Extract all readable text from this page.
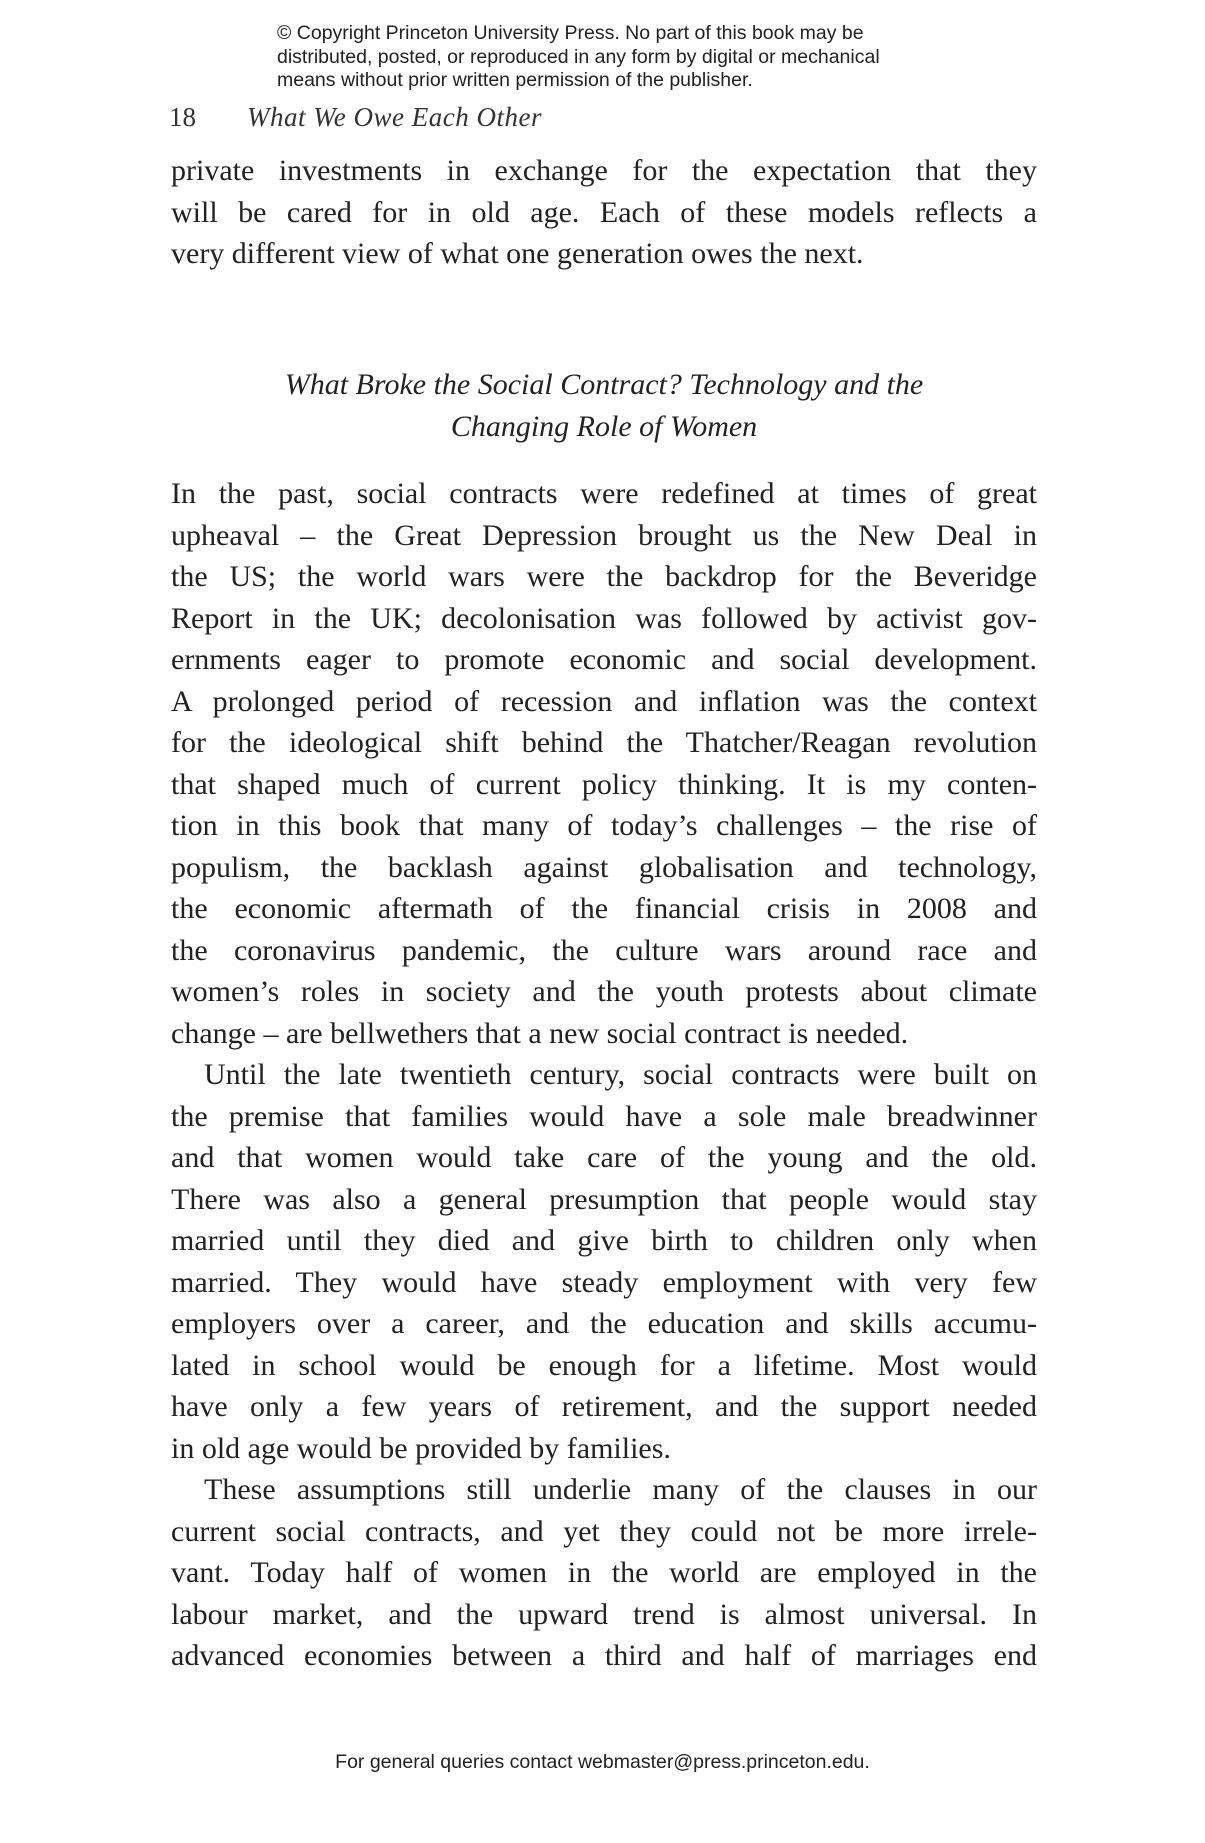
© Copyright Princeton University Press. No part of this book may be
distributed, posted, or reproduced in any form by digital or mechanical
means without prior written permission of the publisher.
18 What We Owe Each Other
private investments in exchange for the expectation that they
will be cared for in old age. Each of these models reflects a
very different view of what one generation owes the next.
What Broke the Social Contract? Technology and the
Changing Role of Women
In the past, social contracts were redefined at times of great
upheaval – the Great Depression brought us the New Deal in
the US; the world wars were the backdrop for the Beveridge
Report in the UK; decolonisation was followed by activist gov-
ernments eager to promote economic and social development.
A prolonged period of recession and inflation was the context
for the ideological shift behind the Thatcher/Reagan revolution
that shaped much of current policy thinking. It is my conten-
tion in this book that many of today’s challenges – the rise of
populism, the backlash against globalisation and technology,
the economic aftermath of the financial crisis in 2008 and
the coronavirus pandemic, the culture wars around race and
women’s roles in society and the youth protests about climate
change – are bellwethers that a new social contract is needed.
Until the late twentieth century, social contracts were built on
the premise that families would have a sole male breadwinner
and that women would take care of the young and the old.
There was also a general presumption that people would stay
married until they died and give birth to children only when
married. They would have steady employment with very few
employers over a career, and the education and skills accumu-
lated in school would be enough for a lifetime. Most would
have only a few years of retirement, and the support needed
in old age would be provided by families.
These assumptions still underlie many of the clauses in our
current social contracts, and yet they could not be more irrele-
vant. Today half of women in the world are employed in the
labour market, and the upward trend is almost universal. In
advanced economies between a third and half of marriages end
For general queries contact webmaster@press.princeton.edu.
